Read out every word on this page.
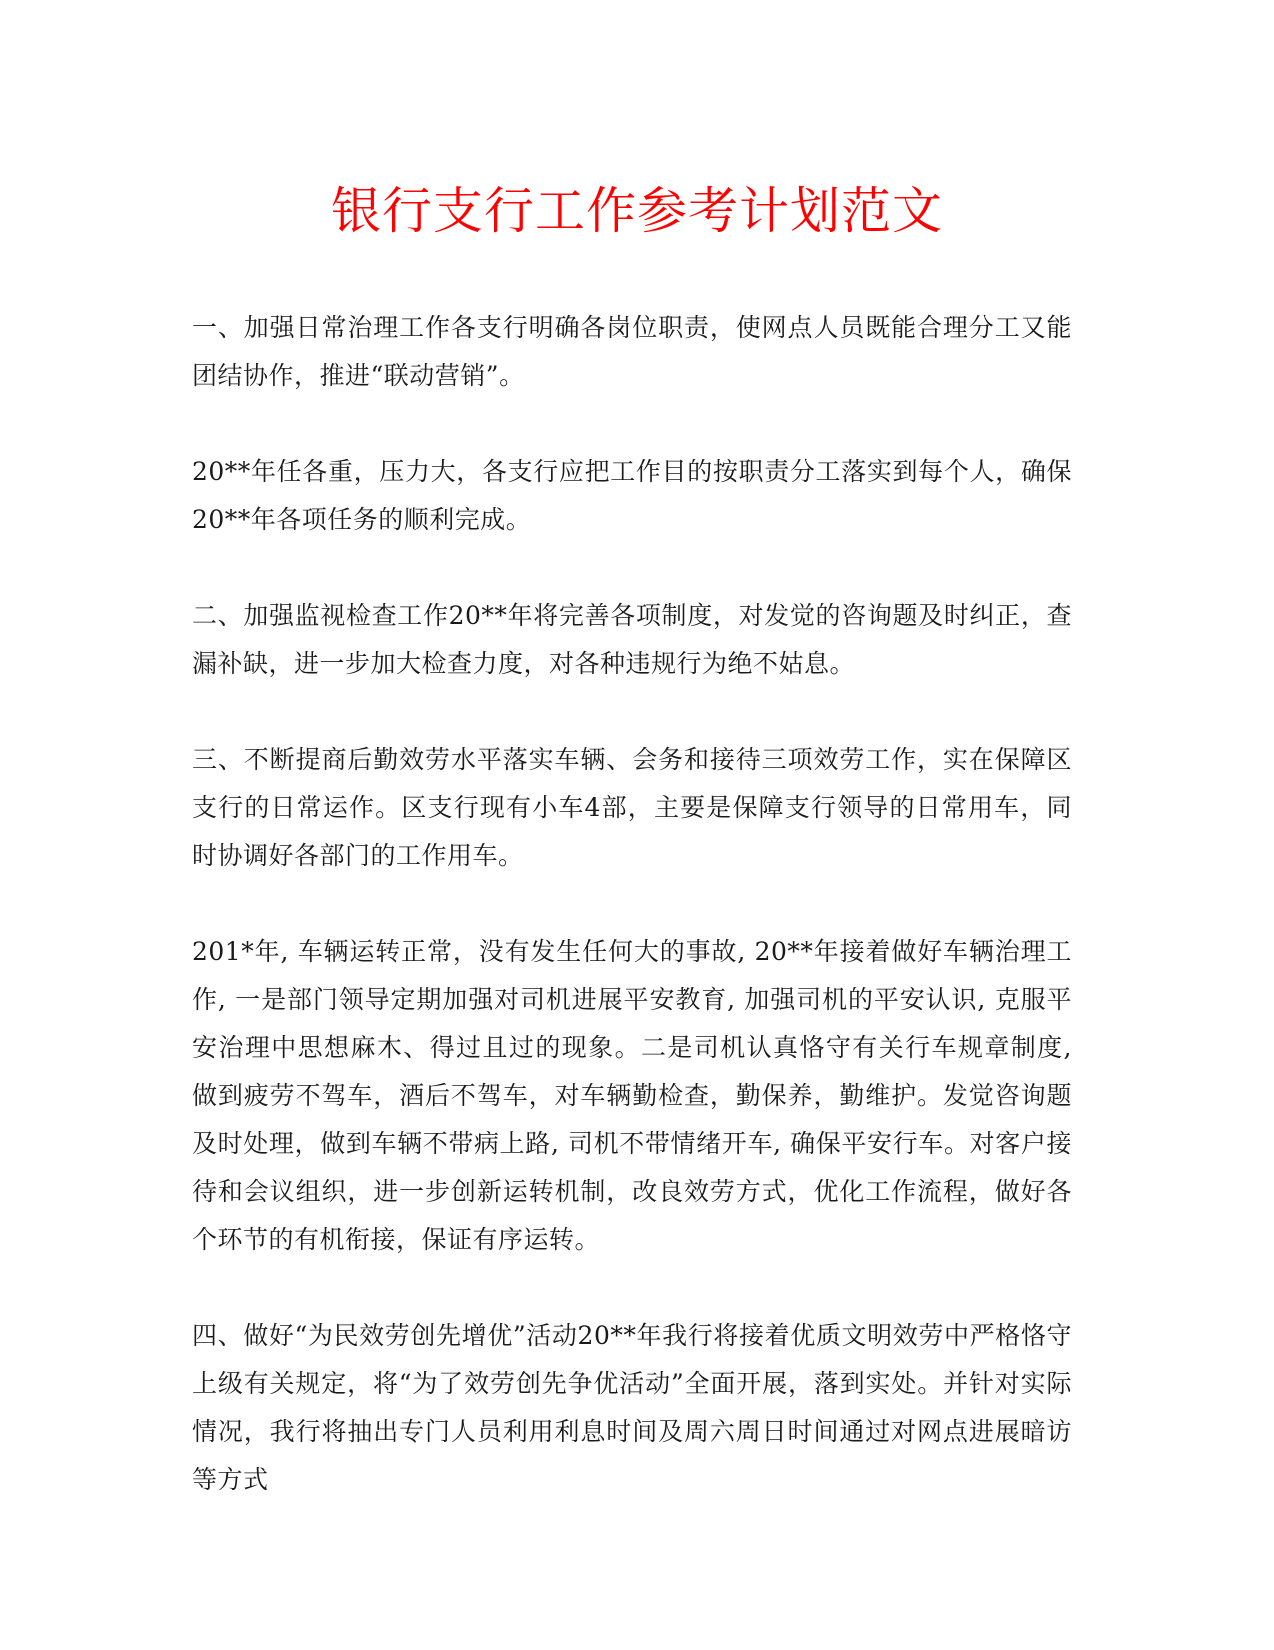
银行支行工作参考计划范文

一、加强日常治理工作各支行明确各岗位职责，使网点人员既能合理分工又能团结协作，推进“联动营销”。

20**年任各重，压力大，各支行应把工作目的按职责分工落实到每个人，确保20**年各项任务的顺利完成。

二、加强监视检查工作20**年将完善各项制度，对发觉的咨询题及时纠正，查漏补缺，进一步加大检查力度，对各种违规行为绝不姑息。

三、不断提商后勤效劳水平落实车辆、会务和接待三项效劳工作，实在保障区支行的日常运作。区支行现有小车4部，主要是保障支行领导的日常用车，同时协调好各部门的工作用车。

201*年, 车辆运转正常，没有发生任何大的事故, 20**年接着做好车辆治理工作, 一是部门领导定期加强对司机进展平安教育, 加强司机的平安认识, 克服平安治理中思想麻木、得过且过的现象。二是司机认真恪守有关行车规章制度, 做到疲劳不驾车，酒后不驾车，对车辆勤检查，勤保养，勤维护。发觉咨询题及时处理，做到车辆不带病上路, 司机不带情绪开车, 确保平安行车。对客户接待和会议组织，进一步创新运转机制，改良效劳方式，优化工作流程，做好各个环节的有机衔接，保证有序运转。

四、做好“为民效劳创先增优”活动20**年我行将接着优质文明效劳中严格恪守上级有关规定，将“为了效劳创先争优活动”全面开展，落到实处。并针对实际情况，我行将抽出专门人员利用利息时间及周六周日时间通过对网点进展暗访等方式
